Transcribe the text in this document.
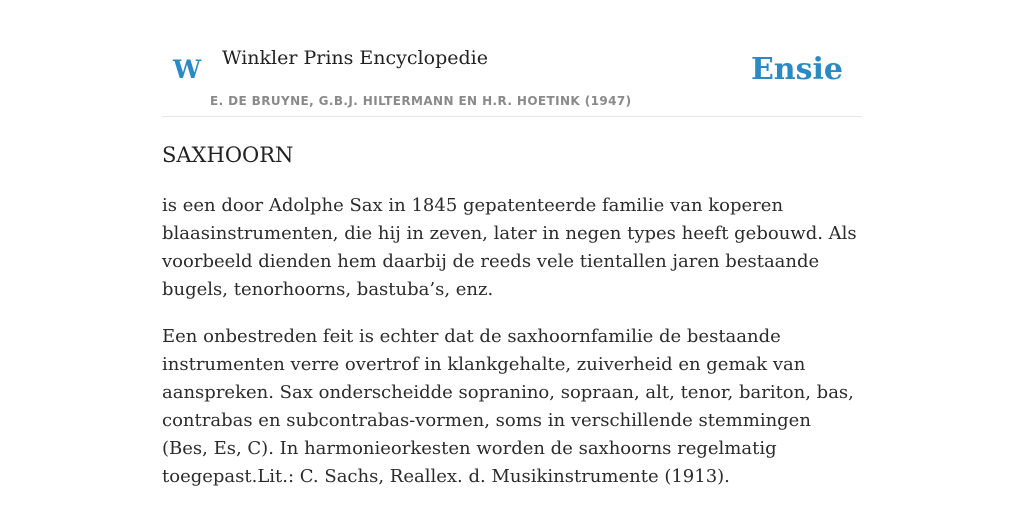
W Winkler Prins Encyclopedie
E. DE BRUYNE, G.B.J. HILTERMANN EN H.R. HOETINK (1947)
Ensie
SAXHOORN

is een door Adolphe Sax in 1845 gepatenteerde familie van koperen blaasinstrumenten, die hij in zeven, later in negen types heeft gebouwd. Als voorbeeld dienden hem daarbij de reeds vele tientallen jaren bestaande bugels, tenorhoorns, bastuba’s, enz.

Een onbestreden feit is echter dat de saxhoornfamilie de bestaande instrumenten verre overtrof in klankgehalte, zuiverheid en gemak van aanspreken. Sax onderscheidde sopranino, sopraan, alt, tenor, bariton, bas, contrabas en subcontrabas-vormen, soms in verschillende stemmingen (Bes, Es, C). In harmonieorkesten worden de saxhoorns regelmatig toegepast.Lit.: C. Sachs, Reallex. d. Musikinstrumente (1913).
